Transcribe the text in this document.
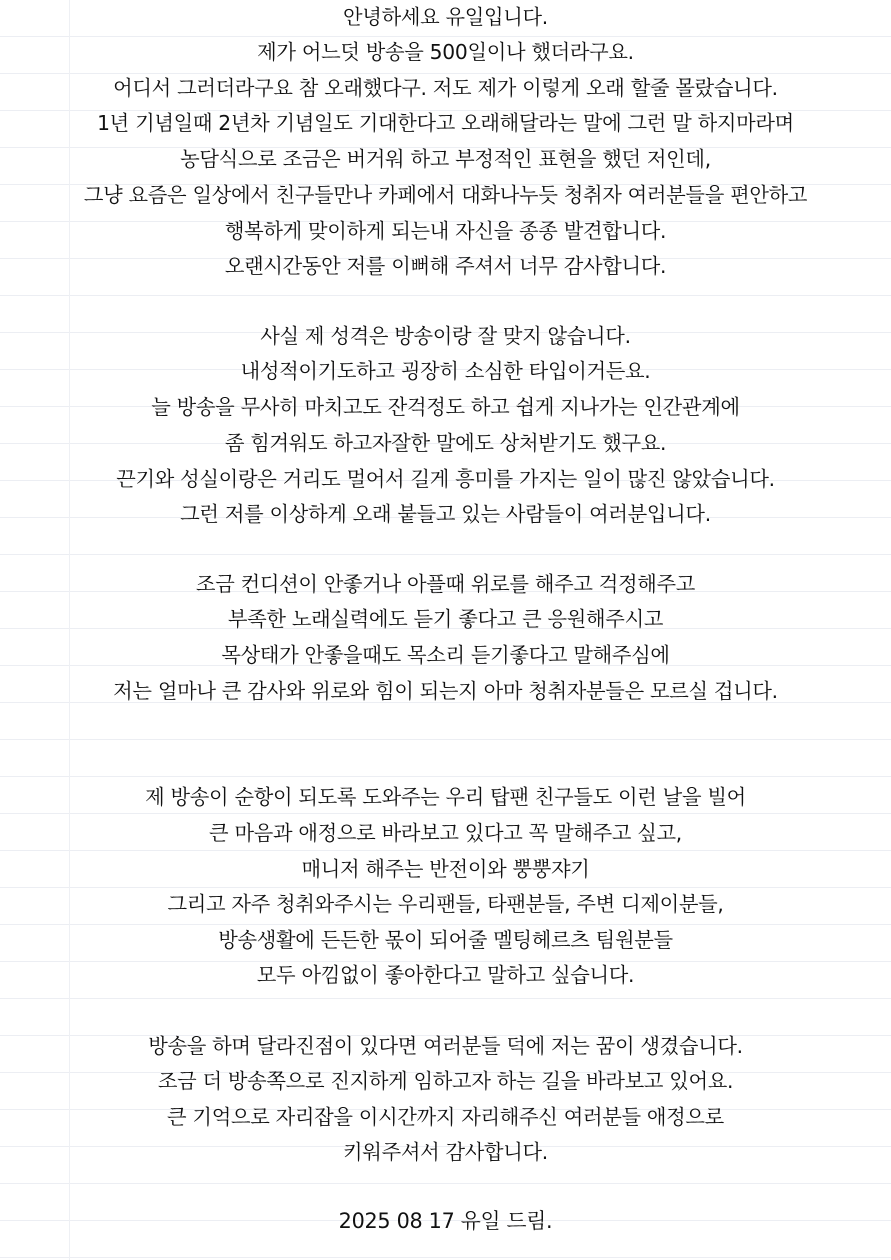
안녕하세요 유일입니다.
제가 어느덧 방송을 500일이나 했더라구요.
어디서 그러더라구요 참 오래했다구. 저도 제가 이렇게 오래 할줄 몰랐습니다.
1년 기념일때 2년차 기념일도 기대한다고 오래해달라는 말에 그런 말 하지마라며
농담식으로 조금은 버거워 하고 부정적인 표현을 했던 저인데,
그냥 요즘은 일상에서 친구들만나 카페에서 대화나누듯 청취자 여러분들을 편안하고
행복하게 맞이하게 되는내 자신을 종종 발견합니다.
오랜시간동안 저를 이뻐해 주셔서 너무 감사합니다.
사실 제 성격은 방송이랑 잘 맞지 않습니다.
내성적이기도하고 굉장히 소심한 타입이거든요.
늘 방송을 무사히 마치고도 잔걱정도 하고 쉽게 지나가는 인간관계에
좀 힘겨워도 하고자잘한 말에도 상처받기도 했구요.
끈기와 성실이랑은 거리도 멀어서 길게 흥미를 가지는 일이 많진 않았습니다.
그런 저를 이상하게 오래 붙들고 있는 사람들이 여러분입니다.
조금 컨디션이 안좋거나 아플때 위로를 해주고 걱정해주고
부족한 노래실력에도 듣기 좋다고 큰 응원해주시고
목상태가 안좋을때도 목소리 듣기좋다고 말해주심에
저는 얼마나 큰 감사와 위로와 힘이 되는지 아마 청취자분들은 모르실 겁니다.
제 방송이 순항이 되도록 도와주는 우리 탑팬 친구들도 이런 날을 빌어
큰 마음과 애정으로 바라보고 있다고 꼭 말해주고 싶고,
매니저 해주는 반전이와 뿡뿡쟈기
그리고 자주 청취와주시는 우리팬들, 타팬분들, 주변 디제이분들,
방송생활에 든든한 몫이 되어줄 멜팅헤르츠 팀원분들
모두 아낌없이 좋아한다고 말하고 싶습니다.
방송을 하며 달라진점이 있다면 여러분들 덕에 저는 꿈이 생겼습니다.
조금 더 방송쪽으로 진지하게 임하고자 하는 길을 바라보고 있어요.
큰 기억으로 자리잡을 이시간까지 자리해주신 여러분들 애정으로
키워주셔서 감사합니다.
2025 08 17 유일 드림.
